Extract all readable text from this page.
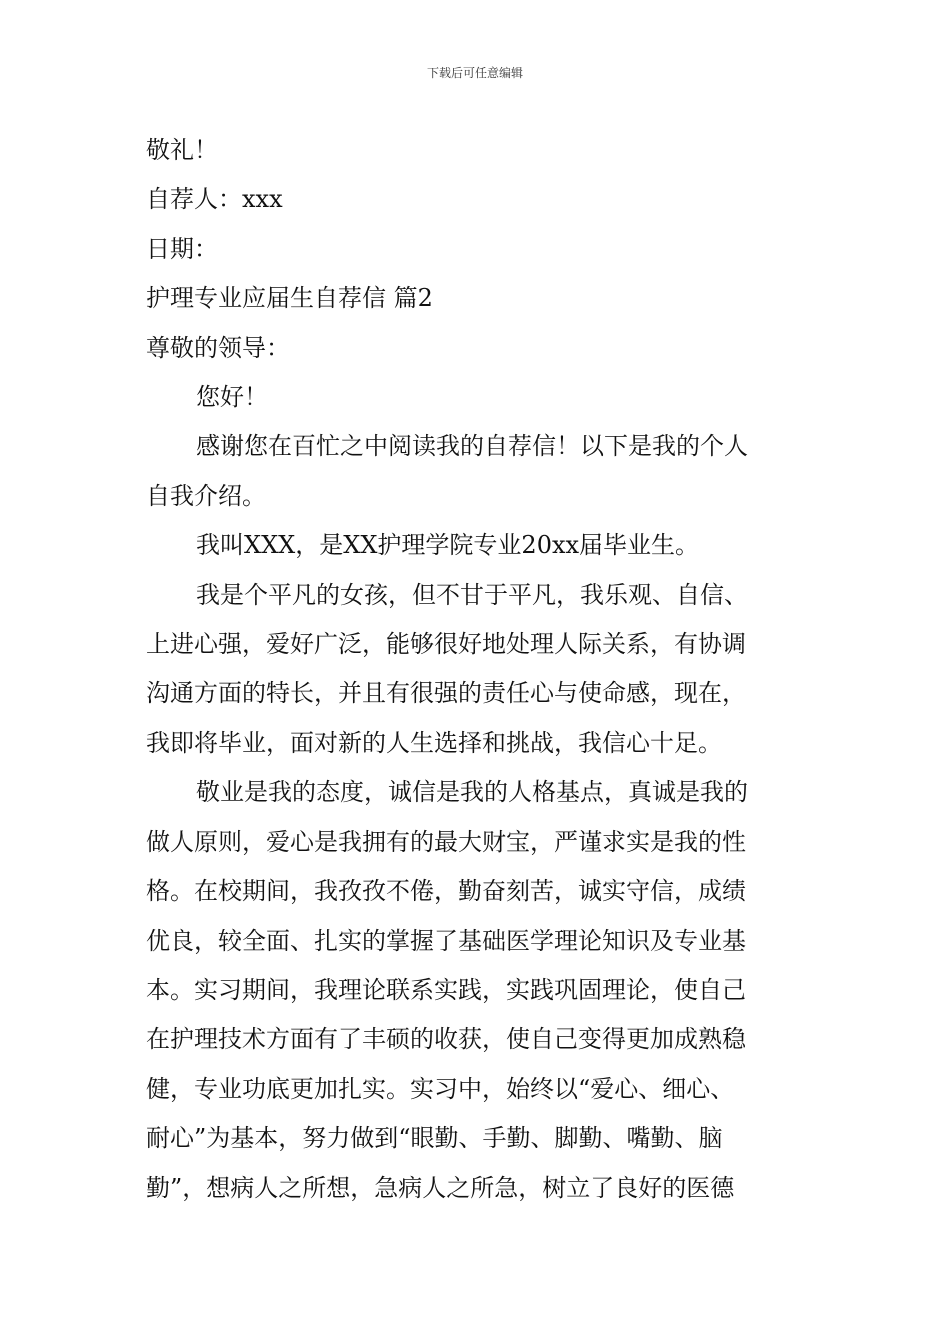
下载后可任意编辑

敬礼！

自荐人：xxx

日期：

护理专业应届生自荐信 篇2

尊敬的领导：

您好！

感谢您在百忙之中阅读我的自荐信！以下是我的个人

自我介绍。

我叫XXX，是XX护理学院专业20xx届毕业生。

我是个平凡的女孩，但不甘于平凡，我乐观、自信、

上进心强，爱好广泛，能够很好地处理人际关系，有协调

沟通方面的特长，并且有很强的责任心与使命感，现在，

我即将毕业，面对新的人生选择和挑战，我信心十足。

敬业是我的态度，诚信是我的人格基点，真诚是我的

做人原则，爱心是我拥有的最大财宝，严谨求实是我的性

格。在校期间，我孜孜不倦，勤奋刻苦，诚实守信，成绩

优良，较全面、扎实的掌握了基础医学理论知识及专业基

本。实习期间，我理论联系实践，实践巩固理论，使自己

在护理技术方面有了丰硕的收获，使自己变得更加成熟稳

健，专业功底更加扎实。实习中，始终以“爱心、细心、

耐心”为基本，努力做到“眼勤、手勤、脚勤、嘴勤、脑

勤”，想病人之所想，急病人之所急，树立了良好的医德
